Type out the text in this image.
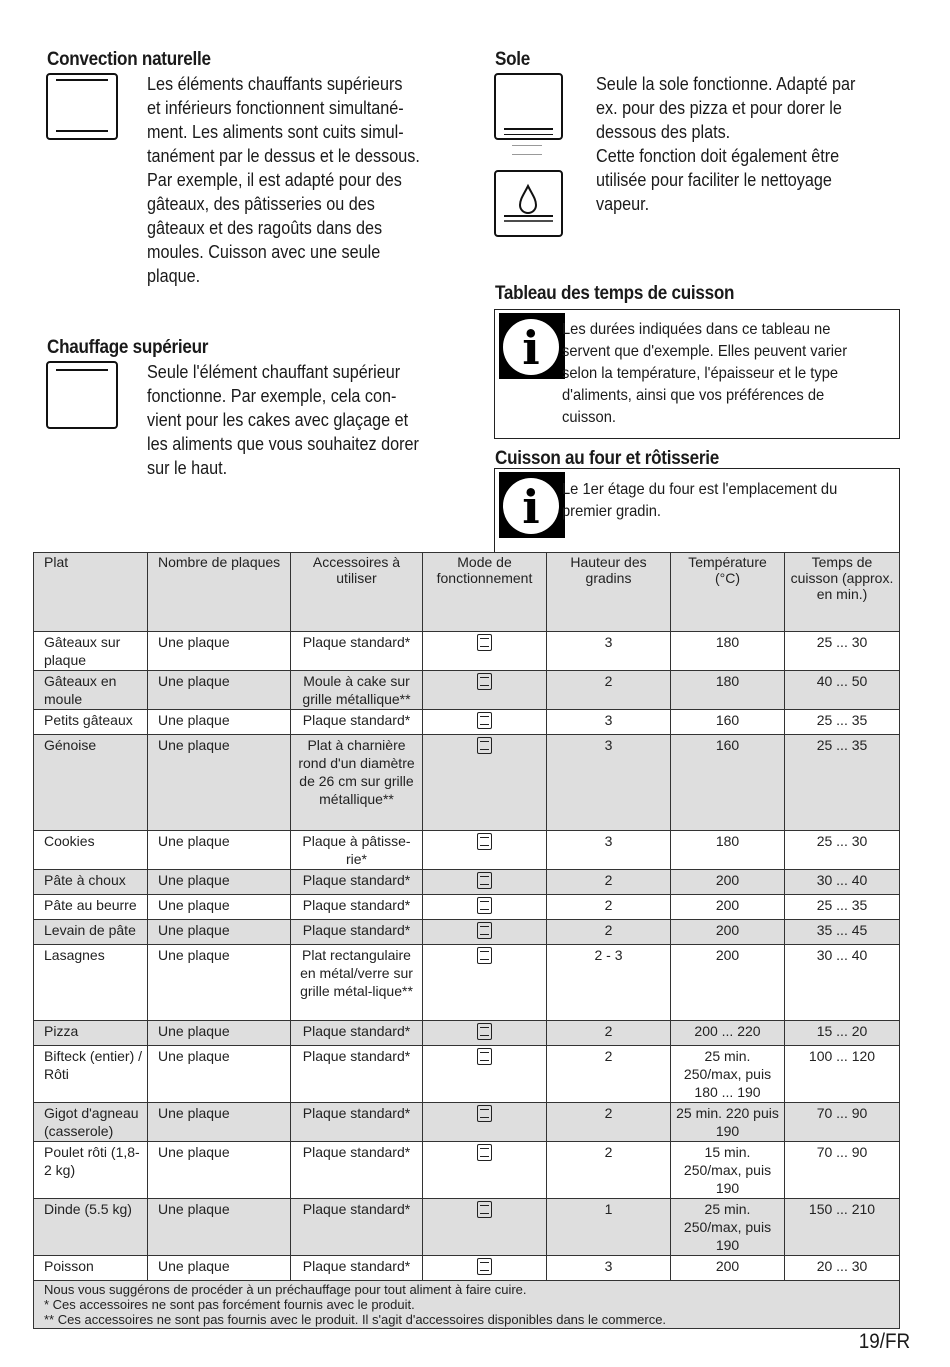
Convection naturelle
Les éléments chauffants supérieurs
et inférieurs fonctionnent simultané-
ment. Les aliments sont cuits simul-
tanément par le dessus et le dessous.
Par exemple, il est adapté pour des
gâteaux, des pâtisseries ou des
gâteaux et des ragoûts dans des
moules. Cuisson avec une seule
plaque.
Chauffage supérieur
Seule l'élément chauffant supérieur
fonctionne. Par exemple, cela con-
vient pour les cakes avec glaçage et
les aliments que vous souhaitez dorer
sur le haut.
Sole
Seule la sole fonctionne. Adapté par
ex. pour des pizza et pour dorer le
dessous des plats.
Cette fonction doit également être
utilisée pour faciliter le nettoyage
vapeur.
Tableau des temps de cuisson
i	Les durées indiquées dans ce tableau ne
servent que d'exemple. Elles peuvent varier
selon la température, l'épaisseur et le type
d'aliments, ainsi que vos préférences de
cuisson.
Cuisson au four et rôtisserie
i	Le 1er étage du four est l'emplacement du
premier gradin.
Plat	Nombre de plaques	Accessoires à utiliser	Mode de fonctionnement	Hauteur des gradins	Température (°C)	Temps de cuisson (approx. en min.)
Gâteaux sur plaque	Une plaque	Plaque standard*		3	180	25 ... 30
Gâteaux en moule	Une plaque	Moule à cake sur grille métallique**		2	180	40 ... 50
Petits gâteaux	Une plaque	Plaque standard*		3	160	25 ... 35
Génoise	Une plaque	Plat à charnière rond d'un diamètre de 26 cm sur grille métallique**		3	160	25 ... 35
Cookies	Une plaque	Plaque à pâtisse-rie*		3	180	25 ... 30
Pâte à choux	Une plaque	Plaque standard*		2	200	30 ... 40
Pâte au beurre	Une plaque	Plaque standard*		2	200	25 ... 35
Levain de pâte	Une plaque	Plaque standard*		2	200	35 ... 45
Lasagnes	Une plaque	Plat rectangulaire en métal/verre sur grille métal-lique**		2 - 3	200	30 ... 40
Pizza	Une plaque	Plaque standard*		2	200 ... 220	15 ... 20
Bifteck (entier) / Rôti	Une plaque	Plaque standard*		2	25 min. 250/max, puis 180 ... 190	100 ... 120
Gigot d'agneau (casserole)	Une plaque	Plaque standard*		2	25 min. 220 puis 190	70 ... 90
Poulet rôti (1,8-2 kg)	Une plaque	Plaque standard*		2	15 min. 250/max, puis 190	70 ... 90
Dinde (5.5 kg)	Une plaque	Plaque standard*		1	25 min. 250/max, puis 190	150 ... 210
Poisson	Une plaque	Plaque standard*		3	200	20 ... 30

Nous vous suggérons de procéder à un préchauffage pour tout aliment à faire cuire.
* Ces accessoires ne sont pas forcément fournis avec le produit.
** Ces accessoires ne sont pas fournis avec le produit. Il s'agit d'accessoires disponibles dans le commerce.						
19/FR
